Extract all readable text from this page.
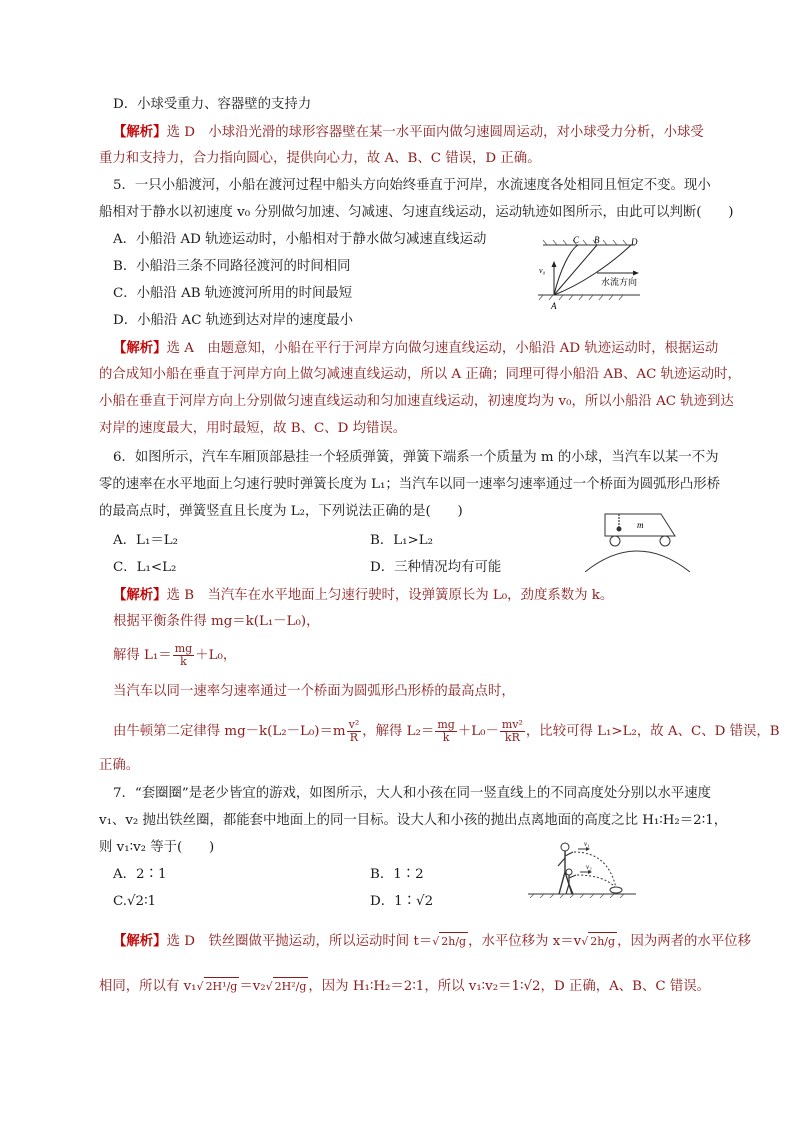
D．小球受重力、容器壁的支持力
【解析】选 D　小球沿光滑的球形容器壁在某一水平面内做匀速圆周运动，对小球受力分析，小球受
重力和支持力，合力指向圆心，提供向心力，故 A、B、C 错误，D 正确。
5．一只小船渡河，小船在渡河过程中船头方向始终垂直于河岸，水流速度各处相同且恒定不变。现小
船相对于静水以初速度 v₀ 分别做匀加速、匀减速、匀速直线运动，运动轨迹如图所示，由此可以判断(　　)
A．小船沿 AD 轨迹运动时，小船相对于静水做匀减速直线运动
B．小船沿三条不同路径渡河的时间相同
C．小船沿 AB 轨迹渡河所用的时间最短
D．小船沿 AC 轨迹到达对岸的速度最小
C B	D
A
v₀
水流方向
【解析】选 A　由题意知，小船在平行于河岸方向做匀速直线运动，小船沿 AD 轨迹运动时，根据运动
的合成知小船在垂直于河岸方向上做匀减速直线运动，所以 A 正确；同理可得小船沿 AB、AC 轨迹运动时，
小船在垂直于河岸方向上分别做匀速直线运动和匀加速直线运动，初速度均为 v₀，所以小船沿 AC 轨迹到达
对岸的速度最大，用时最短，故 B、C、D 均错误。
6．如图所示，汽车车厢顶部悬挂一个轻质弹簧，弹簧下端系一个质量为 m 的小球，当汽车以某一不为
零的速率在水平地面上匀速行驶时弹簧长度为 L₁；当汽车以同一速率匀速率通过一个桥面为圆弧形凸形桥
的最高点时，弹簧竖直且长度为 L₂，下列说法正确的是(　　)
A．L₁＝L₂	B．L₁>L₂
C．L₁<L₂	D．三种情况均有可能
m
【解析】选 B　当汽车在水平地面上匀速行驶时，设弹簧原长为 L₀，劲度系数为 k。
根据平衡条件得 mg＝k(L₁－L₀)，
解得 $L_1= \frac{mg}{k} +L_0$，
当汽车以同一速率匀速率通过一个桥面为圆弧形凸形桥的最高点时，
由牛顿第二定律得 $mg-k(L_2-L_0)=m \frac{\text{v²}}{R}$ ，解得 $L_2= \frac{mg}{k} +L_0- \frac{\text{mv²}}{kR}$ ，比较可得 L₁>L₂，故 A、C、D 错误，B
正确。
7．“套圈圈”是老少皆宜的游戏，如图所示，大人和小孩在同一竖直线上的不同高度处分别以水平速度
v₁、v₂ 抛出铁丝圈，都能套中地面上的同一目标。设大人和小孩的抛出点离地面的高度之比 H₁∶H₂＝2∶1，
则 v₁∶v₂ 等于(　　)
A．2∶1	B．1∶2
C.√2∶1	D．1∶√2
v₁
v₂
【解析】选 D　铁丝圈做平抛运动，所以运动时间 t＝√ 2h/g ，水平位移为 x＝v√ 2h/g ，因为两者的水平位移
相同，所以有 v₁√ 2H¹/g ＝v₂√ 2H²/g ，因为 H₁∶H₂＝2∶1，所以 v₁∶v₂＝1∶√2，D 正确，A、B、C 错误。
